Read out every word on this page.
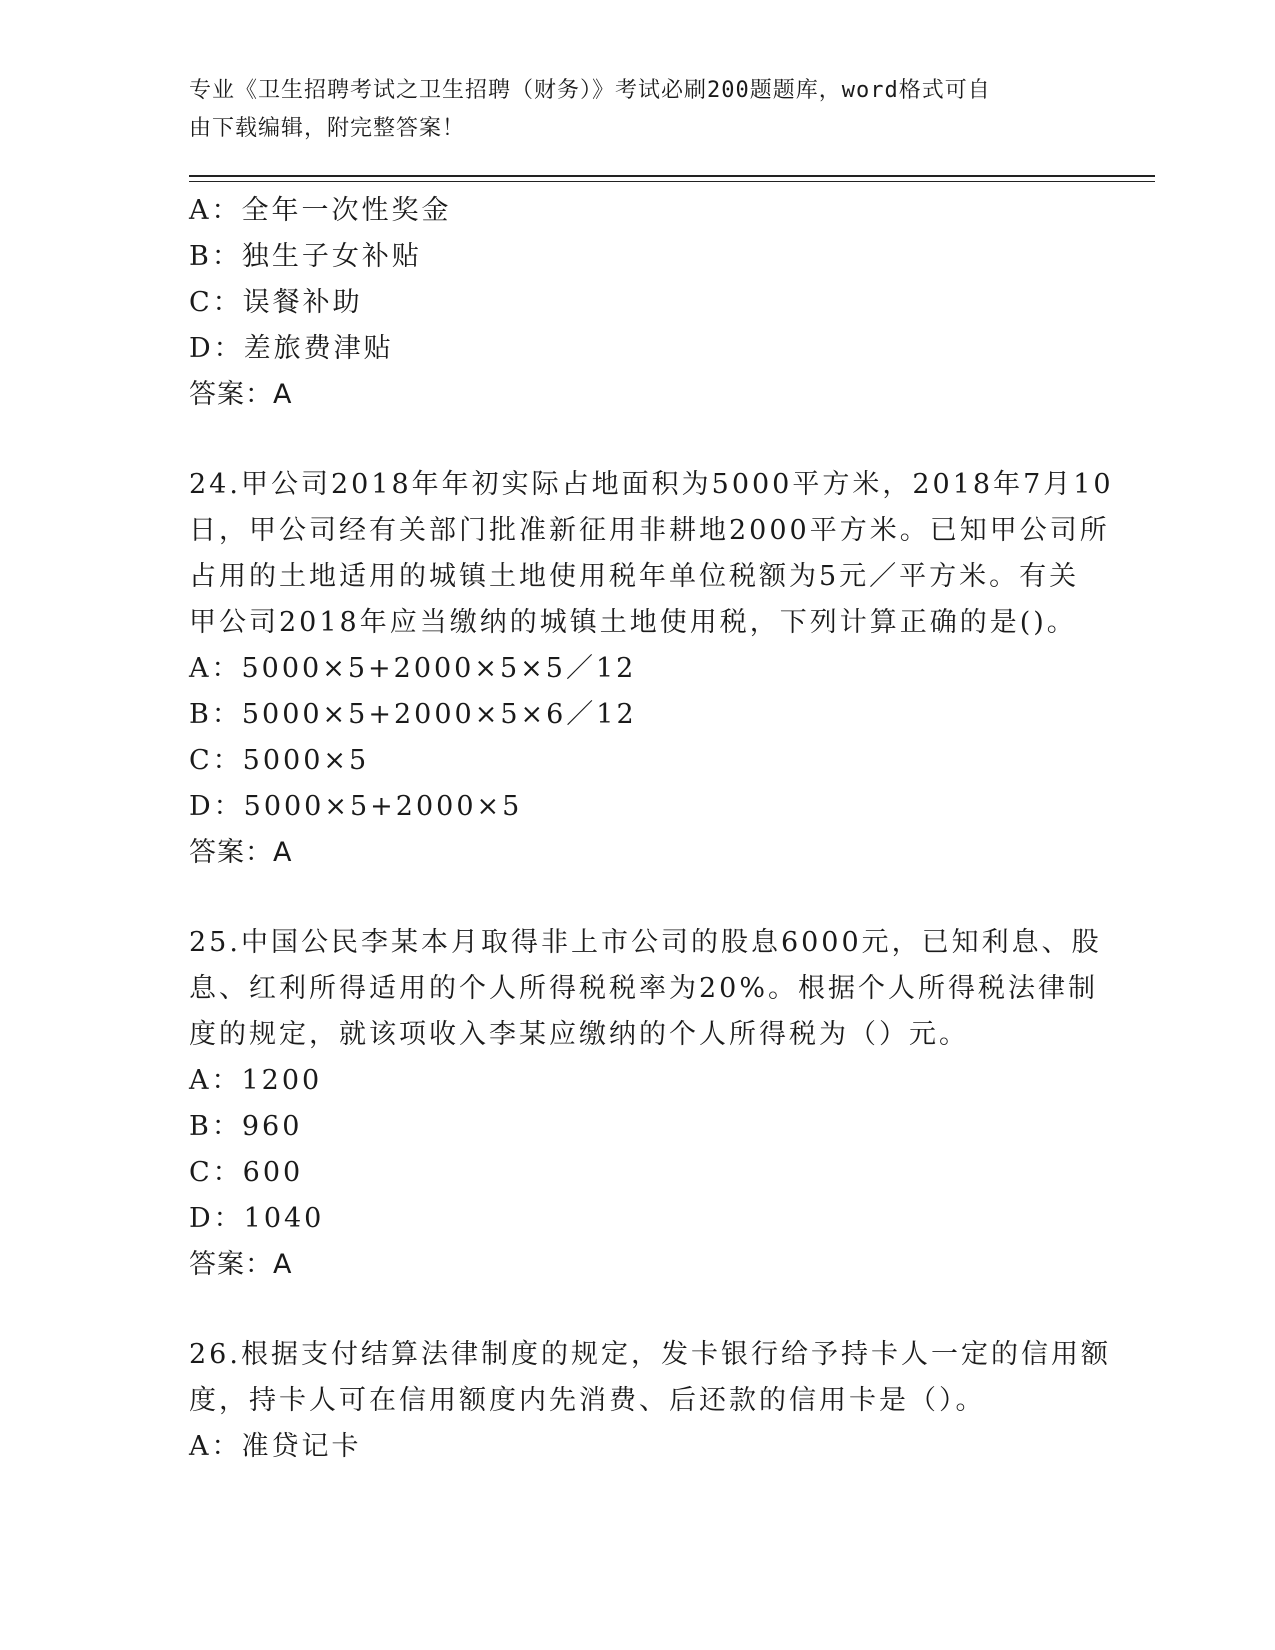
专业《卫生招聘考试之卫生招聘（财务）》考试必刷200题题库，word格式可自
由下载编辑，附完整答案！
A：全年一次性奖金
B：独生子女补贴
C：误餐补助
D：差旅费津贴
答案：A
24.甲公司2018年年初实际占地面积为5000平方米，2018年7月10
日，甲公司经有关部门批准新征用非耕地2000平方米。已知甲公司所
占用的土地适用的城镇土地使用税年单位税额为5元／平方米。有关
甲公司2018年应当缴纳的城镇土地使用税，下列计算正确的是()。
A：5000×5+2000×5×5／12
B：5000×5+2000×5×6／12
C：5000×5
D：5000×5+2000×5
答案：A
25.中国公民李某本月取得非上市公司的股息6000元，已知利息、股
息、红利所得适用的个人所得税税率为20%。根据个人所得税法律制
度的规定，就该项收入李某应缴纳的个人所得税为（）元。
A：1200
B：960
C：600
D：1040
答案：A
26.根据支付结算法律制度的规定，发卡银行给予持卡人一定的信用额
度，持卡人可在信用额度内先消费、后还款的信用卡是（）。
A：准贷记卡
